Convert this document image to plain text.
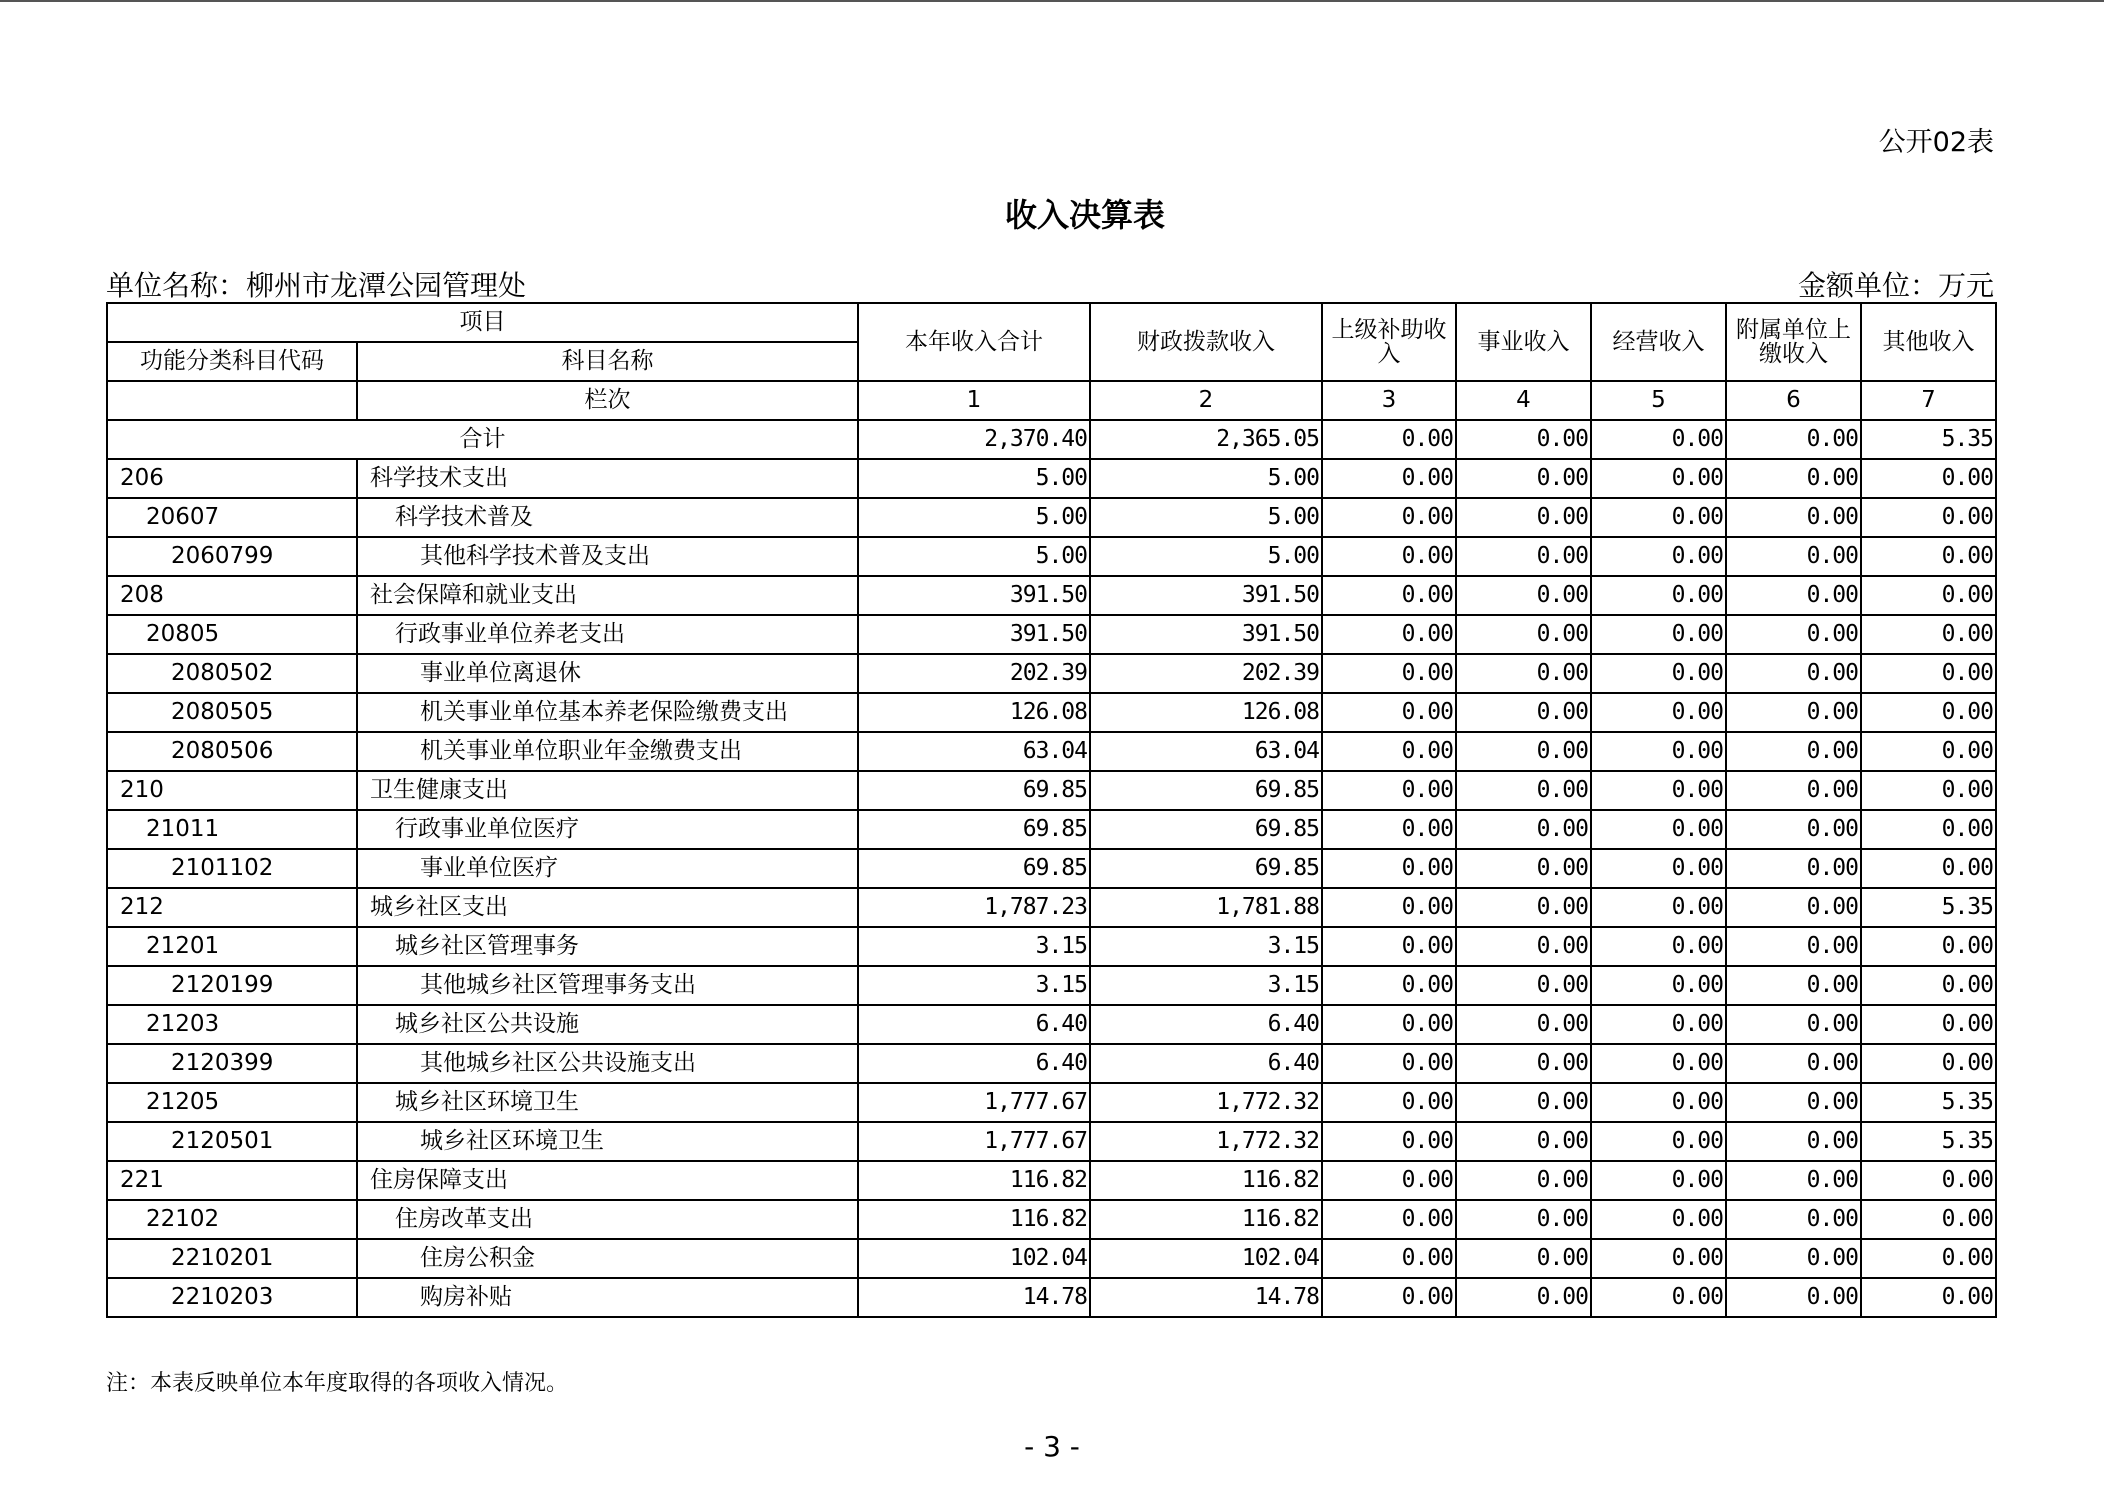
公开02表
收入决算表
单位名称：柳州市龙潭公园管理处	金额单位：万元
项目		本年收入合计	财政拨款收入	上级补助收入	事业收入	经营收入	附属单位上缴收入	其他收入
功能分类科目代码	科目名称							
	栏次	1	2	3	4	5	6	7
合计		2,370.40	2,365.05	0.00	0.00	0.00	0.00	5.35
206	科学技术支出	5.00	5.00	0.00	0.00	0.00	0.00	0.00
20607	科学技术普及	5.00	5.00	0.00	0.00	0.00	0.00	0.00
2060799	其他科学技术普及支出	5.00	5.00	0.00	0.00	0.00	0.00	0.00
208	社会保障和就业支出	391.50	391.50	0.00	0.00	0.00	0.00	0.00
20805	行政事业单位养老支出	391.50	391.50	0.00	0.00	0.00	0.00	0.00
2080502	事业单位离退休	202.39	202.39	0.00	0.00	0.00	0.00	0.00
2080505	机关事业单位基本养老保险缴费支出	126.08	126.08	0.00	0.00	0.00	0.00	0.00
2080506	机关事业单位职业年金缴费支出	63.04	63.04	0.00	0.00	0.00	0.00	0.00
210	卫生健康支出	69.85	69.85	0.00	0.00	0.00	0.00	0.00
21011	行政事业单位医疗	69.85	69.85	0.00	0.00	0.00	0.00	0.00
2101102	事业单位医疗	69.85	69.85	0.00	0.00	0.00	0.00	0.00
212	城乡社区支出	1,787.23	1,781.88	0.00	0.00	0.00	0.00	5.35
21201	城乡社区管理事务	3.15	3.15	0.00	0.00	0.00	0.00	0.00
2120199	其他城乡社区管理事务支出	3.15	3.15	0.00	0.00	0.00	0.00	0.00
21203	城乡社区公共设施	6.40	6.40	0.00	0.00	0.00	0.00	0.00
2120399	其他城乡社区公共设施支出	6.40	6.40	0.00	0.00	0.00	0.00	0.00
21205	城乡社区环境卫生	1,777.67	1,772.32	0.00	0.00	0.00	0.00	5.35
2120501	城乡社区环境卫生	1,777.67	1,772.32	0.00	0.00	0.00	0.00	5.35
221	住房保障支出	116.82	116.82	0.00	0.00	0.00	0.00	0.00
22102	住房改革支出	116.82	116.82	0.00	0.00	0.00	0.00	0.00
2210201	住房公积金	102.04	102.04	0.00	0.00	0.00	0.00	0.00
2210203	购房补贴	14.78	14.78	0.00	0.00	0.00	0.00	0.00
注：本表反映单位本年度取得的各项收入情况。
- 3 -
